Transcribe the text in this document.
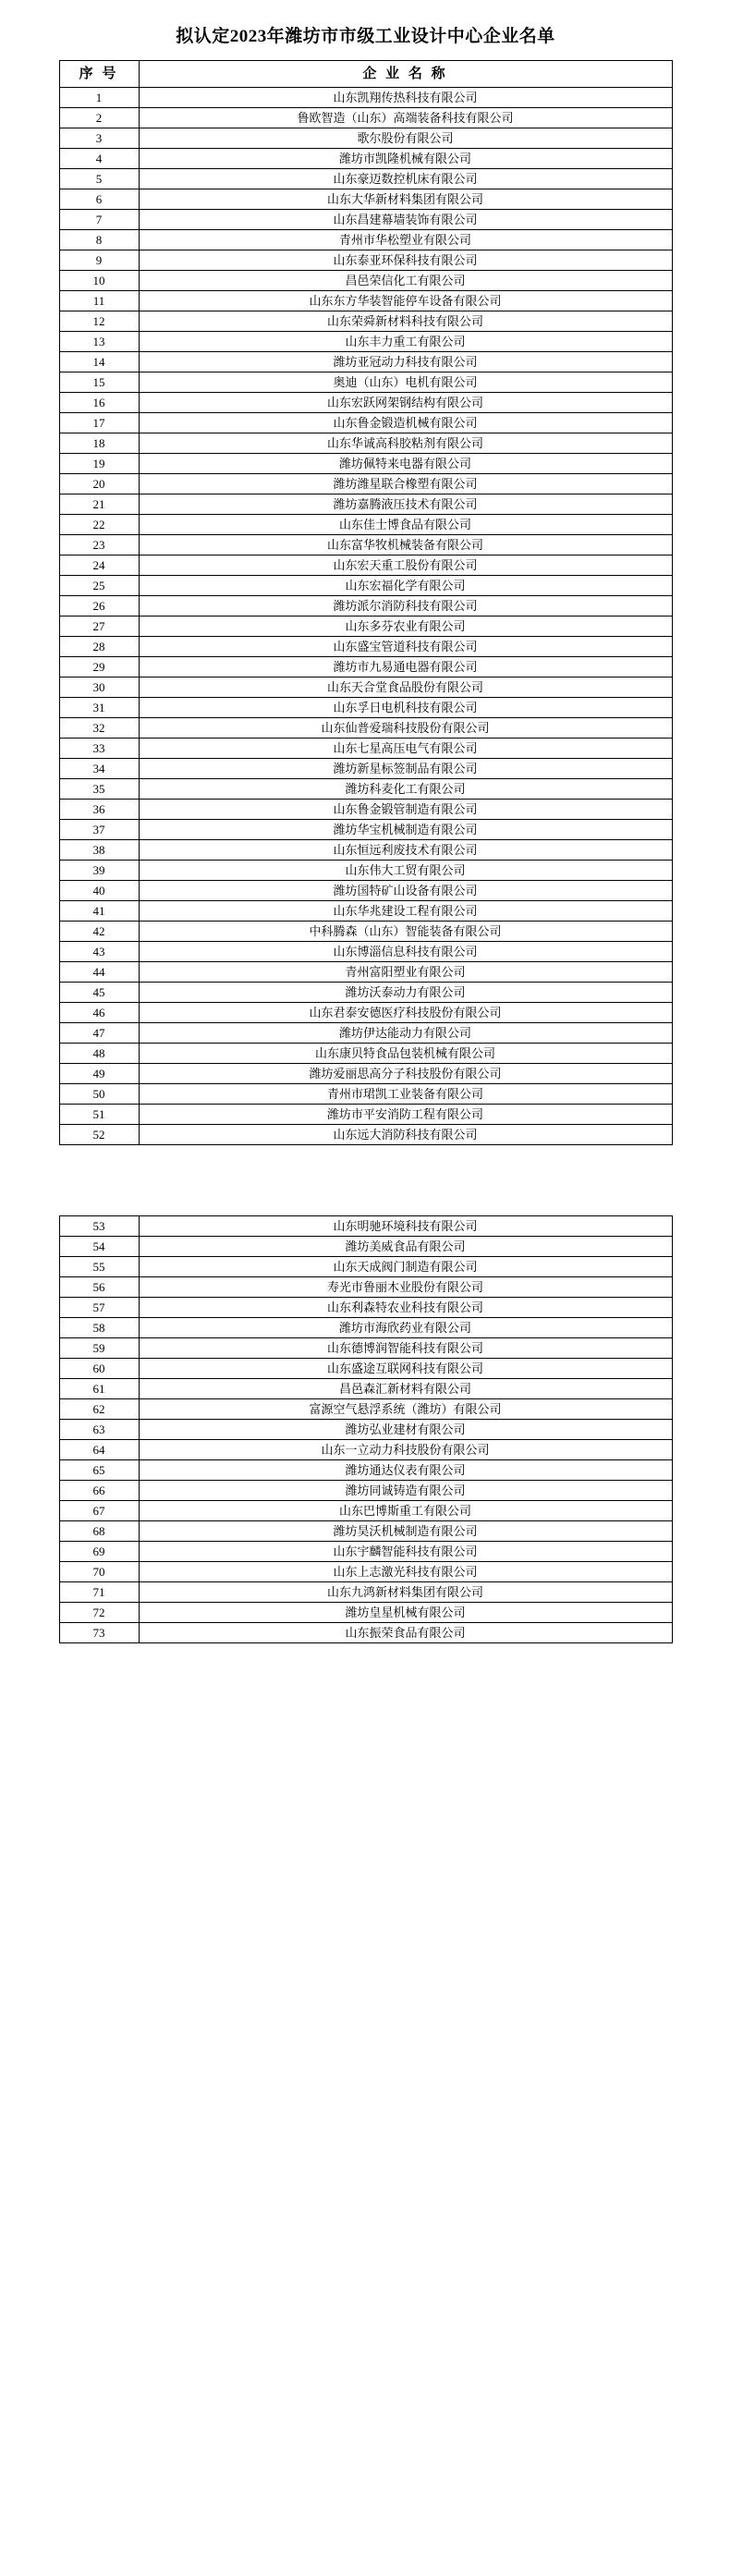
拟认定2023年潍坊市市级工业设计中心企业名单
序 号	企 业 名 称
1	山东凯翔传热科技有限公司
2	鲁欧智造（山东）高端装备科技有限公司
3	歌尔股份有限公司
4	潍坊市凯隆机械有限公司
5	山东豪迈数控机床有限公司
6	山东大华新材料集团有限公司
7	山东昌建幕墙装饰有限公司
8	青州市华松塑业有限公司
9	山东泰亚环保科技有限公司
10	昌邑荣信化工有限公司
11	山东东方华装智能停车设备有限公司
12	山东荣舜新材料科技有限公司
13	山东丰力重工有限公司
14	潍坊亚冠动力科技有限公司
15	奥迪（山东）电机有限公司
16	山东宏跃网架钢结构有限公司
17	山东鲁金锻造机械有限公司
18	山东华诚高科胶粘剂有限公司
19	潍坊佩特来电器有限公司
20	潍坊潍星联合橡塑有限公司
21	潍坊嘉腾液压技术有限公司
22	山东佳士博食品有限公司
23	山东富华牧机械装备有限公司
24	山东宏天重工股份有限公司
25	山东宏福化学有限公司
26	潍坊派尔消防科技有限公司
27	山东多芬农业有限公司
28	山东盛宝管道科技有限公司
29	潍坊市九易通电器有限公司
30	山东天合堂食品股份有限公司
31	山东孚日电机科技有限公司
32	山东仙普爱瑞科技股份有限公司
33	山东七星高压电气有限公司
34	潍坊新星标签制品有限公司
35	潍坊科麦化工有限公司
36	山东鲁金锻管制造有限公司
37	潍坊华宝机械制造有限公司
38	山东恒远利废技术有限公司
39	山东伟大工贸有限公司
40	潍坊国特矿山设备有限公司
41	山东华兆建设工程有限公司
42	中科腾森（山东）智能装备有限公司
43	山东博淄信息科技有限公司
44	青州富阳塑业有限公司
45	潍坊沃泰动力有限公司
46	山东君泰安德医疗科技股份有限公司
47	潍坊伊达能动力有限公司
48	山东康贝特食品包装机械有限公司
49	潍坊爱丽思高分子科技股份有限公司
50	青州市珺凯工业装备有限公司
51	潍坊市平安消防工程有限公司
52	山东远大消防科技有限公司
53	山东明驰环境科技有限公司
54	潍坊美威食品有限公司
55	山东天成阀门制造有限公司
56	寿光市鲁丽木业股份有限公司
57	山东利森特农业科技有限公司
58	潍坊市海欣药业有限公司
59	山东德博润智能科技有限公司
60	山东盛途互联网科技有限公司
61	昌邑森汇新材料有限公司
62	富源空气悬浮系统（潍坊）有限公司
63	潍坊弘业建材有限公司
64	山东一立动力科技股份有限公司
65	潍坊通达仪表有限公司
66	潍坊同诚铸造有限公司
67	山东巴博斯重工有限公司
68	潍坊昊沃机械制造有限公司
69	山东宇麟智能科技有限公司
70	山东上志激光科技有限公司
71	山东九鸿新材料集团有限公司
72	潍坊皇星机械有限公司
73	山东振荣食品有限公司
